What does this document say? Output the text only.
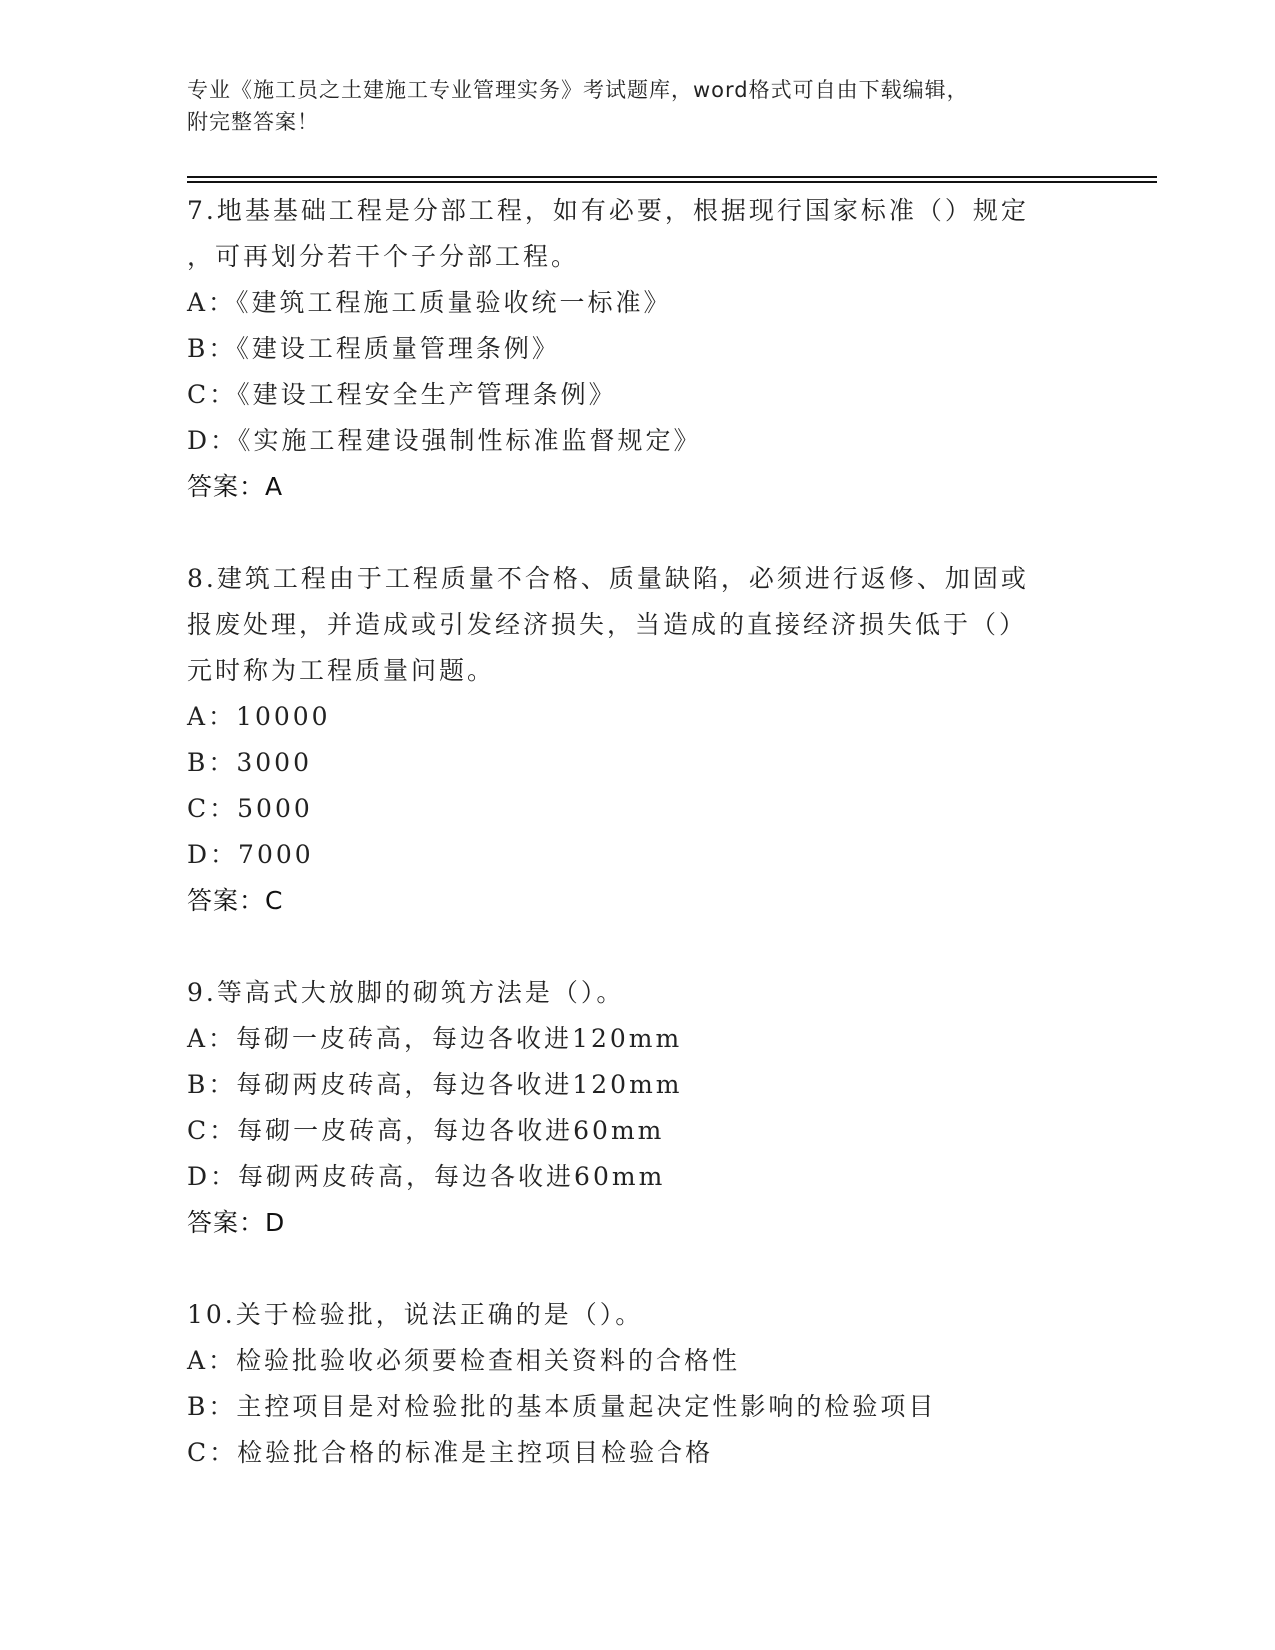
专业《施工员之土建施工专业管理实务》考试题库，word格式可自由下载编辑，
附完整答案！
7.地基基础工程是分部工程，如有必要，根据现行国家标准（）规定
，可再划分若干个子分部工程。
A：《建筑工程施工质量验收统一标准》
B：《建设工程质量管理条例》
C：《建设工程安全生产管理条例》
D：《实施工程建设强制性标准监督规定》
答案：A
8.建筑工程由于工程质量不合格、质量缺陷，必须进行返修、加固或
报废处理，并造成或引发经济损失，当造成的直接经济损失低于（）
元时称为工程质量问题。
A：10000
B：3000
C：5000
D：7000
答案：C
9.等高式大放脚的砌筑方法是（）。
A：每砌一皮砖高，每边各收进120mm
B：每砌两皮砖高，每边各收进120mm
C：每砌一皮砖高，每边各收进60mm
D：每砌两皮砖高，每边各收进60mm
答案：D
10.关于检验批，说法正确的是（）。
A：检验批验收必须要检查相关资料的合格性
B：主控项目是对检验批的基本质量起决定性影响的检验项目
C：检验批合格的标准是主控项目检验合格
